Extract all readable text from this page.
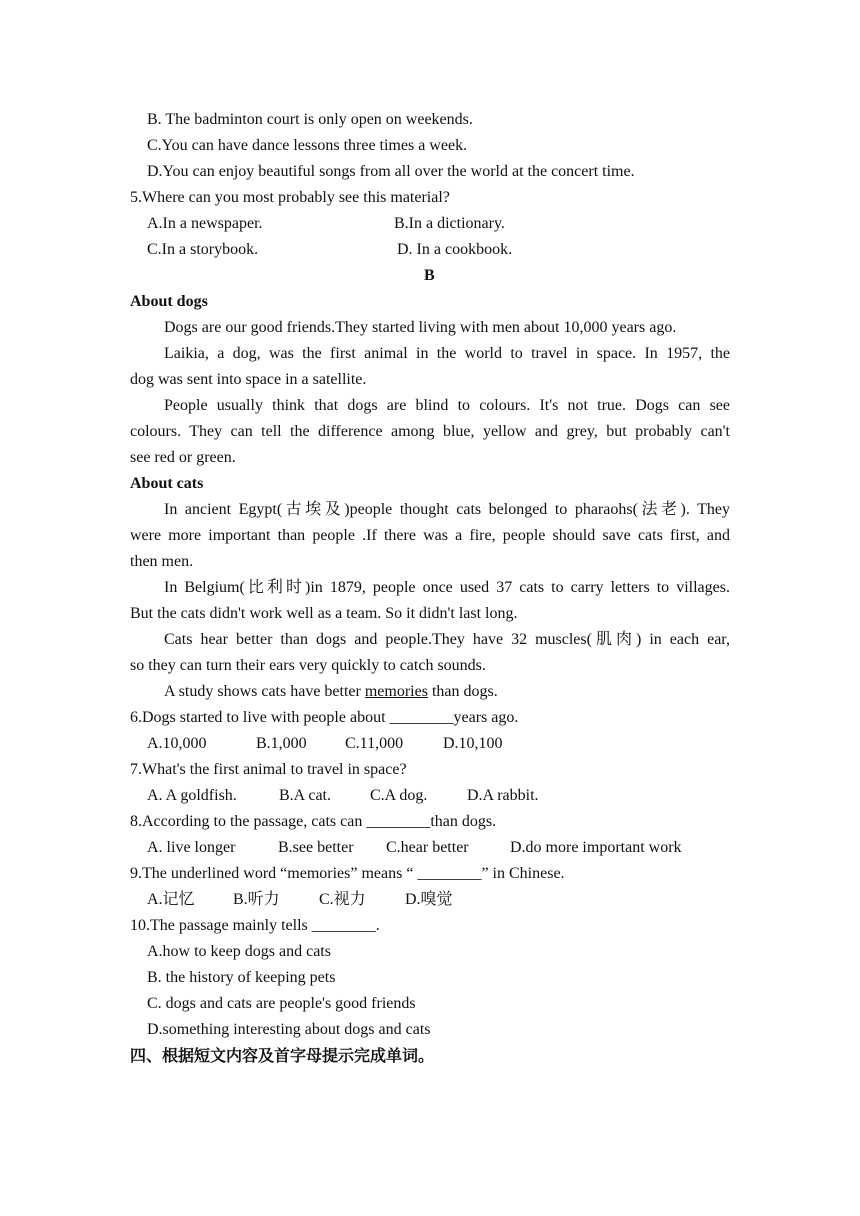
B. The badminton court is only open on weekends.
C.You can have dance lessons three times a week.
D.You can enjoy beautiful songs from all over the world at the concert time.
5.Where can you most probably see this material?
A.In a newspaper.	B.In a dictionary.
C.In a storybook.	D. In a cookbook.
B
About dogs
Dogs are our good friends.They started living with men about 10,000 years ago.
Laikia, a dog, was the first animal in the world to travel in space. In 1957, the
dog was sent into space in a satellite.
People usually think that dogs are blind to colours. It's not true. Dogs can see
colours. They can tell the difference among blue, yellow and grey, but probably can't
see red or green.
About cats
In ancient Egypt(古埃及)people thought cats belonged to pharaohs(法老). They
were more important than people .If there was a fire, people should save cats first, and
then men.
In Belgium(比利时)in 1879, people once used 37 cats to carry letters to villages.
But the cats didn't work well as a team. So it didn't last long.
Cats hear better than dogs and people.They have 32 muscles(肌肉) in each ear,
so they can turn their ears very quickly to catch sounds.
A study shows cats have better memories than dogs.
6.Dogs started to live with people about ________years ago.
A.10,000	B.1,000 C.11,000 D.10,100
7.What's the first animal to travel in space?
A. A goldfish.	B.A cat. C.A dog. D.A rabbit.
8.According to the passage, cats can ________than dogs.
A. live longer	B.see better C.hear better	D.do more important work
9.The underlined word “memories” means “ ________” in Chinese.
A.记忆 B.听力 C.视力 D.嗅觉
10.The passage mainly tells ________.
A.how to keep dogs and cats
B. the history of keeping pets
C. dogs and cats are people's good friends
D.something interesting about dogs and cats
四、根据短文内容及首字母提示完成单词。
